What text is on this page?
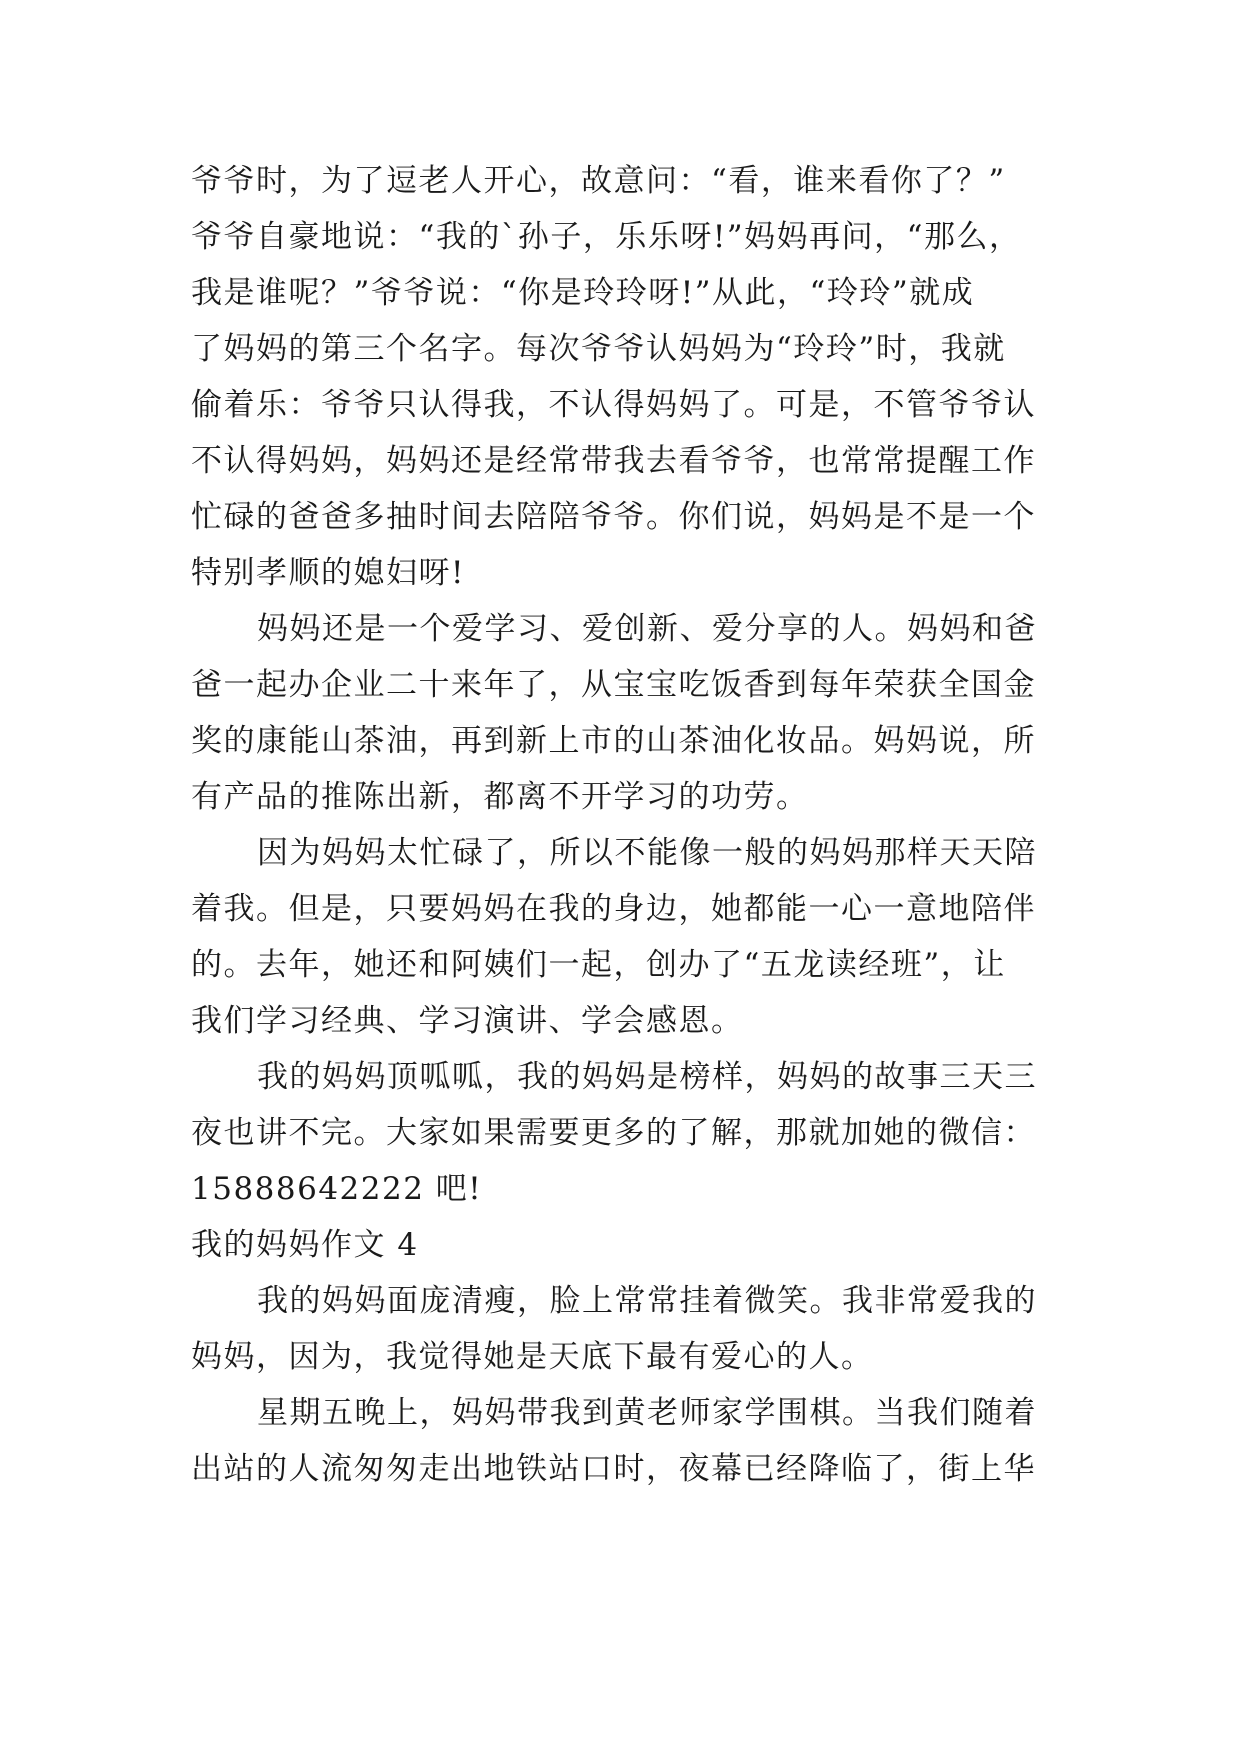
爷爷时，为了逗老人开心，故意问：“看，谁来看你了？”
爷爷自豪地说：“我的`孙子，乐乐呀!”妈妈再问，“那么，
我是谁呢？”爷爷说：“你是玲玲呀!”从此，“玲玲”就成
了妈妈的第三个名字。每次爷爷认妈妈为“玲玲”时，我就
偷着乐：爷爷只认得我，不认得妈妈了。可是，不管爷爷认
不认得妈妈，妈妈还是经常带我去看爷爷，也常常提醒工作
忙碌的爸爸多抽时间去陪陪爷爷。你们说，妈妈是不是一个
特别孝顺的媳妇呀!
妈妈还是一个爱学习、爱创新、爱分享的人。妈妈和爸
爸一起办企业二十来年了，从宝宝吃饭香到每年荣获全国金
奖的康能山茶油，再到新上市的山茶油化妆品。妈妈说，所
有产品的推陈出新，都离不开学习的功劳。
因为妈妈太忙碌了，所以不能像一般的妈妈那样天天陪
着我。但是，只要妈妈在我的身边，她都能一心一意地陪伴
的。去年，她还和阿姨们一起，创办了“五龙读经班”，让
我们学习经典、学习演讲、学会感恩。
我的妈妈顶呱呱，我的妈妈是榜样，妈妈的故事三天三
夜也讲不完。大家如果需要更多的了解，那就加她的微信：
15888642222 吧!
我的妈妈作文 4
我的妈妈面庞清瘦，脸上常常挂着微笑。我非常爱我的
妈妈，因为，我觉得她是天底下最有爱心的人。
星期五晚上，妈妈带我到黄老师家学围棋。当我们随着
出站的人流匆匆走出地铁站口时，夜幕已经降临了，街上华
